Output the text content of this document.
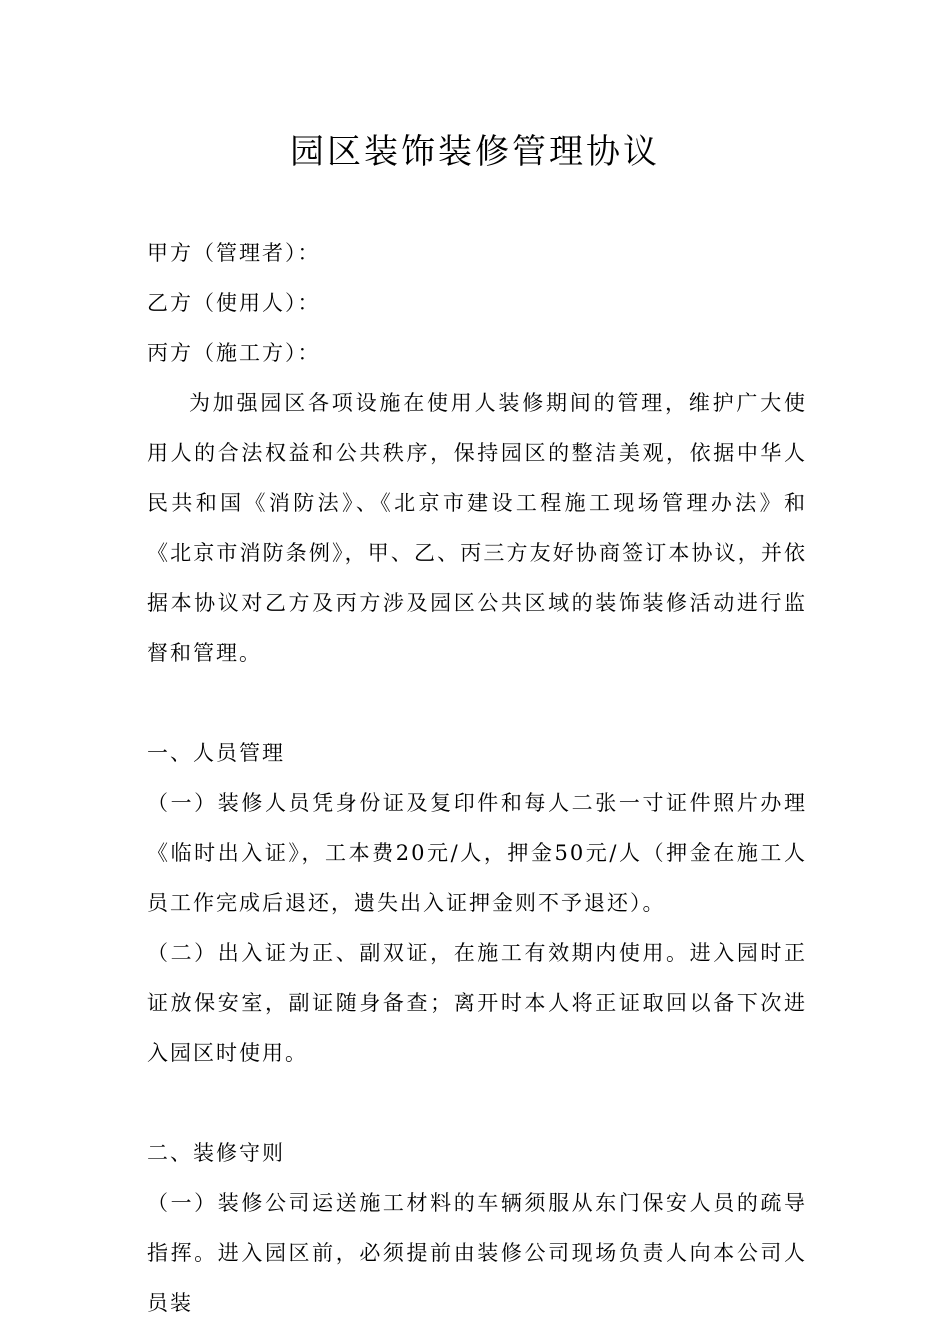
园区装饰装修管理协议

甲方（管理者）：

乙方（使用人）：

丙方（施工方）：

为加强园区各项设施在使用人装修期间的管理，维护广大使用人的合法权益和公共秩序，保持园区的整洁美观，依据中华人民共和国《消防法》、《北京市建设工程施工现场管理办法》和《北京市消防条例》，甲、乙、丙三方友好协商签订本协议，并依据本协议对乙方及丙方涉及园区公共区域的装饰装修活动进行监督和管理。

一、人员管理

（一）装修人员凭身份证及复印件和每人二张一寸证件照片办理《临时出入证》，工本费20元/人，押金50元/人（押金在施工人员工作完成后退还，遗失出入证押金则不予退还）。

（二）出入证为正、副双证，在施工有效期内使用。进入园时正证放保安室，副证随身备查；离开时本人将正证取回以备下次进入园区时使用。

二、装修守则

（一）装修公司运送施工材料的车辆须服从东门保安人员的疏导指挥。进入园区前，必须提前由装修公司现场负责人向本公司人员装
